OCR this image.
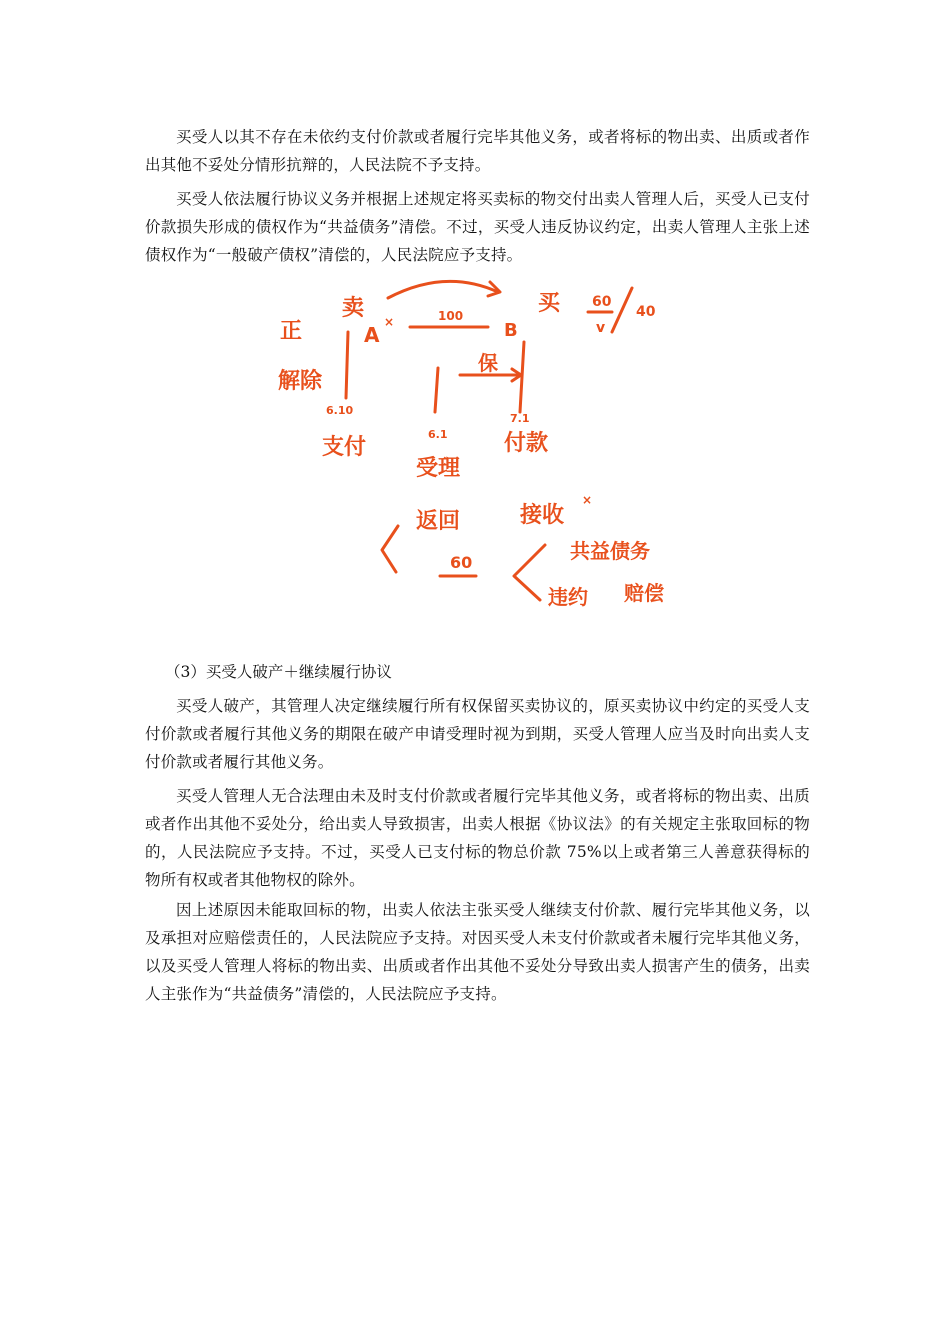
买受人以其不存在未依约支付价款或者履行完毕其他义务，或者将标的物出卖、出质或者作出其他不妥处分情形抗辩的，人民法院不予支持。

买受人依法履行协议义务并根据上述规定将买卖标的物交付出卖人管理人后，买受人已支付价款损失形成的债权作为“共益债务”清偿。不过，买受人违反协议约定，出卖人管理人主张上述债权作为“一般破产债权”清偿的，人民法院应予支持。

正
解除
卖
A
×	100
B
买 60
v
40
保
6.10
支付
6.1
受理
7.1
付款
返回
60
接收
×
共益债务
违约 赔偿

（3）买受人破产＋继续履行协议

买受人破产，其管理人决定继续履行所有权保留买卖协议的，原买卖协议中约定的买受人支付价款或者履行其他义务的期限在破产申请受理时视为到期，买受人管理人应当及时向出卖人支付价款或者履行其他义务。

买受人管理人无合法理由未及时支付价款或者履行完毕其他义务，或者将标的物出卖、出质或者作出其他不妥处分，给出卖人导致损害，出卖人根据《协议法》的有关规定主张取回标的物的，人民法院应予支持。不过，买受人已支付标的物总价款 75%以上或者第三人善意获得标的物所有权或者其他物权的除外。

因上述原因未能取回标的物，出卖人依法主张买受人继续支付价款、履行完毕其他义务，以及承担对应赔偿责任的，人民法院应予支持。对因买受人未支付价款或者未履行完毕其他义务，以及买受人管理人将标的物出卖、出质或者作出其他不妥处分导致出卖人损害产生的债务，出卖人主张作为“共益债务”清偿的，人民法院应予支持。
